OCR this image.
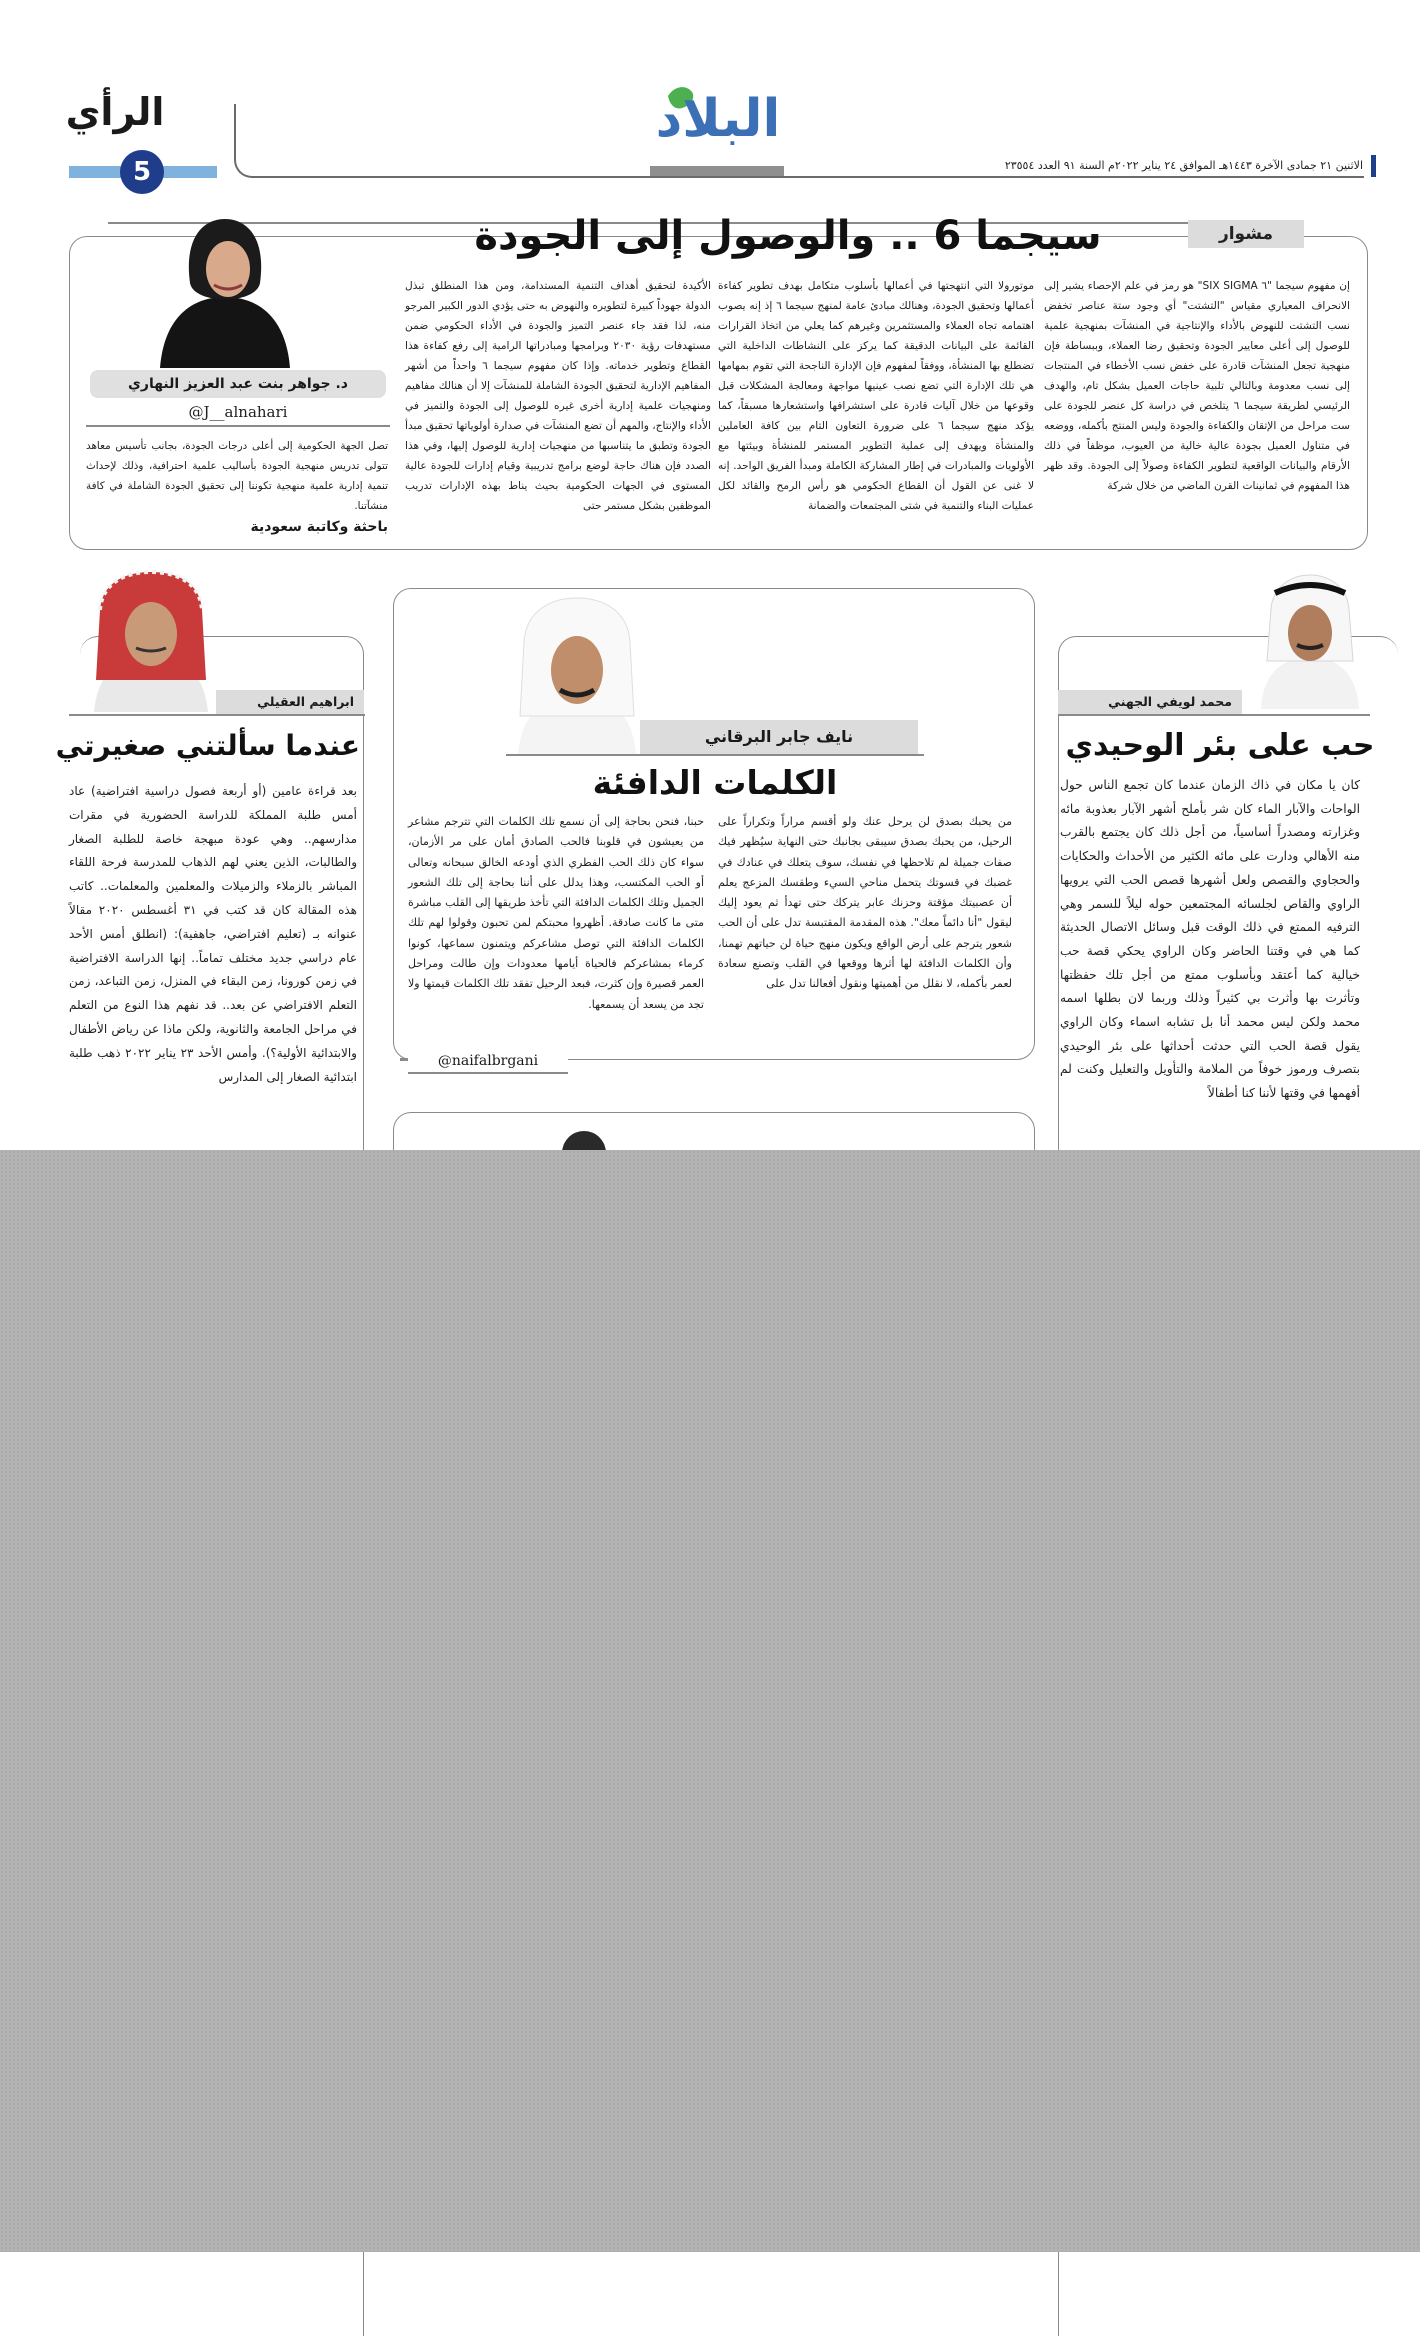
الاثنين ٢١ جمادى الآخرة ١٤٤٣هـ الموافق ٢٤ يناير ٢٠٢٢م السنة ٩١ العدد ٢٣٥٥٤
البلاد
الرأي
5
مشوار
سيجما 6 .. والوصول إلى الجودة
إن مفهوم سيجما "٦ SIX SIGMA" هو رمز في علم الإحصاء يشير إلى الانحراف المعياري مقياس "التشتت" أي وجود ستة عناصر تخفض نسب التشتت للنهوض بالأداء والإنتاجية في المنشآت بمنهجية علمية للوصول إلى أعلى معايير الجودة وتحقيق رضا العملاء، وببساطة فإن منهجية تجعل المنشآت قادرة على خفض نسب الأخطاء في المنتجات إلى نسب معدومة وبالتالي تلبية حاجات العميل بشكل تام، والهدف الرئيسي لطريقة سيجما ٦ يتلخص في دراسة كل عنصر للجودة على ست مراحل من الإتقان والكفاءة والجودة وليس المنتج بأكمله، ووضعه في متناول العميل بجودة عالية خالية من العيوب، موظفاً في ذلك الأرقام والبيانات الواقعية لتطوير الكفاءة وصولاً إلى الجودة. وقد ظهر هذا المفهوم في ثمانينات القرن الماضي من خلال شركة
موتورولا التي انتهجتها في أعمالها بأسلوب متكامل بهدف تطوير كفاءة أعمالها وتحقيق الجودة، وهنالك مبادئ عامة لمنهج سيجما ٦ إذ إنه يصوب اهتمامه تجاه العملاء والمستثمرين وغيرهم كما يعلي من اتخاذ القرارات القائمة على البيانات الدقيقة كما يركز على النشاطات الداخلية التي تضطلع بها المنشأة، ووفقاً لمفهوم فإن الإدارة الناجحة التي تقوم بمهامها هي تلك الإدارة التي تضع نصب عينيها مواجهة ومعالجة المشكلات قبل وقوعها من خلال آليات قادرة على استشرافها واستشعارها مسبقاً، كما يؤكد منهج سيجما ٦ على ضرورة التعاون التام بين كافة العاملين والمنشأة ويهدف إلى عملية التطوير المستمر للمنشأة وبيئتها مع الأولويات والمبادرات في إطار المشاركة الكاملة ومبدأ الفريق الواحد. إنه لا غنى عن القول أن القطاع الحكومي هو رأس الرمح والقائد لكل عمليات البناء والتنمية في شتى المجتمعات والضمانة
الأكيدة لتحقيق أهداف التنمية المستدامة، ومن هذا المنطلق تبذل الدولة جهوداً كبيرة لتطويره والنهوض به حتى يؤدي الدور الكبير المرجو منه، لذا فقد جاء عنصر التميز والجودة في الأداء الحكومي ضمن مستهدفات رؤية ٢٠٣٠ وبرامجها ومبادراتها الرامية إلى رفع كفاءة هذا القطاع وتطوير خدماته. وإذا كان مفهوم سيجما ٦ واحداً من أشهر المفاهيم الإدارية لتحقيق الجودة الشاملة للمنشآت إلا أن هنالك مفاهيم ومنهجيات علمية إدارية أخرى غيره للوصول إلى الجودة والتميز في الأداء والإنتاج، والمهم أن تضع المنشآت في صدارة أولوياتها تحقيق مبدأ الجودة وتطبق ما يتناسبها من منهجيات إدارية للوصول إليها، وفي هذا الصدد فإن هناك حاجة لوضع برامج تدريبية وقيام إدارات للجودة عالية المستوى في الجهات الحكومية بحيث يناط بهذه الإدارات تدريب الموظفين بشكل مستمر حتى
د. جواهر بنت عبد العزيز النهاري
@J__alnahari
تصل الجهة الحكومية إلى أعلى درجات الجودة، بجانب تأسيس معاهد تتولى تدريس منهجية الجودة بأساليب علمية احترافية، وذلك لإحداث تنمية إدارية علمية منهجية تكوننا إلى تحقيق الجودة الشاملة في كافة منشآتنا.
باحثة وكاتبة سعودية
محمد لويفي الجهني
حب على بئر الوحيدي
كان يا مكان في ذاك الزمان عندما كان تجمع الناس حول الواحات والآبار الماء كان شر بأملح أشهر الآبار بعذوبة مائه وغزارته ومصدراً أساسياً، من أجل ذلك كان يجتمع بالقرب منه الأهالي ودارت على مائه الكثير من الأحداث والحكايات والحجاوي والقصص ولعل أشهرها قصص الحب التي يرويها الراوي والقاص لجلسائه المجتمعين حوله ليلاً للسمر وهي الترفيه الممتع في ذلك الوقت قبل وسائل الاتصال الحديثة كما هي في وقتنا الحاضر وكان الراوي يحكي قصة حب خيالية كما أعتقد وبأسلوب ممتع من أجل تلك حفظتها وتأثرت بها وأثرت بي كثيراً وذلك وربما لان بطلها اسمه محمد ولكن ليس محمد أنا بل تشابه اسماء وكان الراوي يقول قصة الحب التي حدثت أحداثها على بئر الوحيدي بتصرف ورموز خوفاً من الملامة والتأويل والتعليل وكنت لم أفهمها في وقتها لأننا كنا أطفالاً
ابراهيم العقيلي
عندما سألتني صغيرتي
بعد قراءة عامين (أو أربعة فصول دراسية افتراضية) عاد أمس طلبة المملكة للدراسة الحضورية في مقرات مدارسهم.. وهي عودة مبهجة خاصة للطلبة الصغار والطالبات، الذين يعني لهم الذهاب للمدرسة فرحة اللقاء المباشر بالزملاء والزميلات والمعلمين والمعلمات.. كاتب هذه المقالة كان قد كتب في ٣١ أغسطس ٢٠٢٠ مقالاً عنوانه بـ (تعليم افتراضي، جاهفية): (انطلق أمس الأحد عام دراسي جديد مختلف تماماً.. إنها الدراسة الافتراضية في زمن كورونا، زمن البقاء في المنزل، زمن التباعد، زمن التعلم الافتراضي عن بعد.. قد نفهم هذا النوع من التعلم في مراحل الجامعة والثانوية، ولكن ماذا عن رياض الأطفال والابتدائية الأولية؟). وأمس الأحد ٢٣ يناير ٢٠٢٢ ذهب طلبة ابتدائية الصغار إلى المدارس
نايف جابر البرقاني
الكلمات الدافئة
من يحبك بصدق لن يرحل عنك ولو أقسم مراراً وتكراراً على الرحيل، من يحبك بصدق سيبقى بجانبك حتى النهاية سيُظهر فيك صفات جميلة لم تلاحظها في نفسك، سوف يتعلك في عنادك في غضبك في قسوتك يتحمل مناحي السيء وطقسك المزعج يعلم أن عصبيتك مؤقتة وحزنك عابر يتركك حتى تهدأ ثم يعود إليك ليقول "أنا دائماً معك". هذه المقدمة المقتبسة تدل على أن الحب شعور يترجم على أرض الواقع ويكون منهج حياة لن حياتهم تهمنا، وأن الكلمات الدافئة لها أثرها ووقعها في القلب وتصنع سعادة لعمر بأكمله، لا نقلل من أهميتها ونقول أفعالنا تدل على
حبنا، فنحن بحاجة إلى أن نسمع تلك الكلمات التي تترجم مشاعر من يعيشون في قلوبنا فالحب الصادق أمان على مر الأزمان، سواء كان ذلك الحب الفطري الذي أودعه الخالق سبحانه وتعالى أو الحب المكتسب، وهذا يدلل على أننا بحاجة إلى تلك الشعور الجميل وتلك الكلمات الدافئة التي تأخذ طريقها إلى القلب مباشرة متى ما كانت صادقة. أظهروا محبتكم لمن تحبون وقولوا لهم تلك الكلمات الدافئة التي توصل مشاعركم ويتمنون سماعها، كونوا كرماء بمشاعركم فالحياة أيامها معدودات وإن طالت ومراحل العمر قصيرة وإن كثرت، فبعد الرحيل تفقد تلك الكلمات قيمتها ولا تجد من يسعد أن يسمعها.
@naifalbrgani
